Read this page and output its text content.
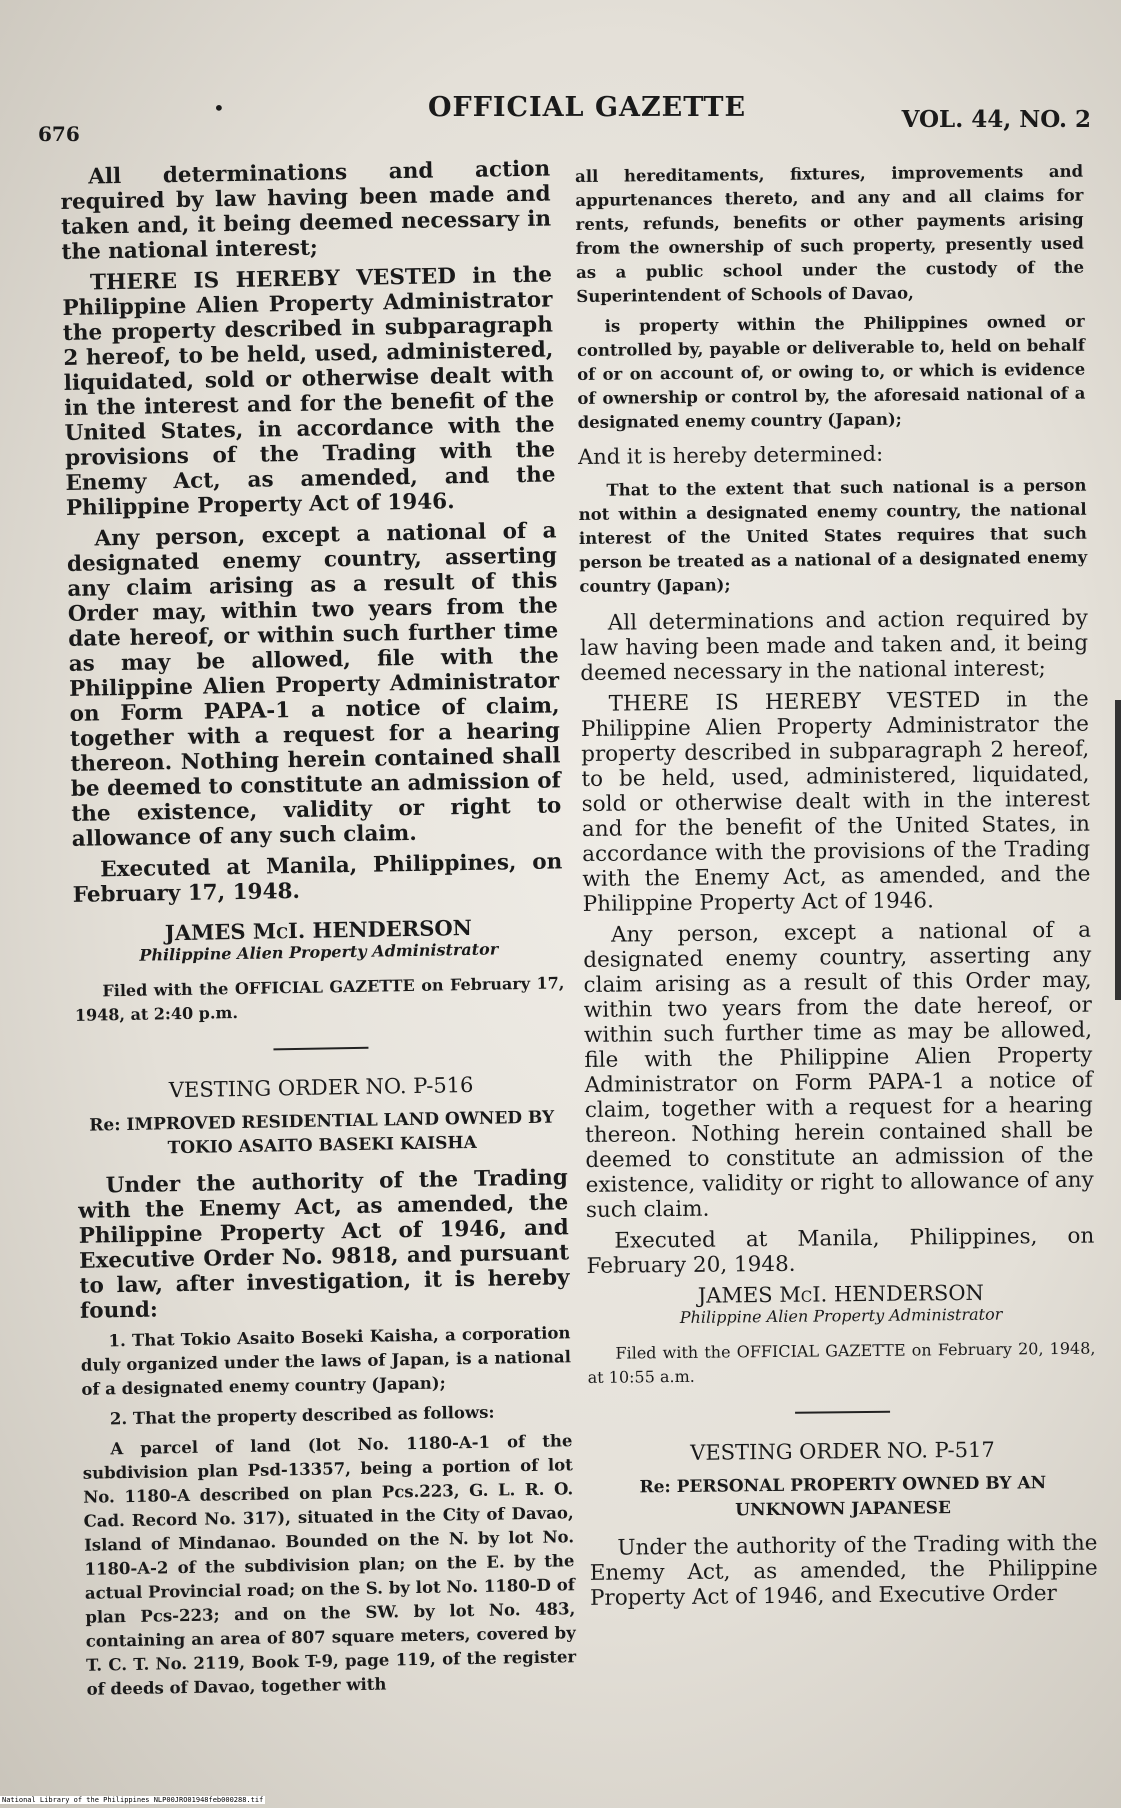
676
•	OFFICIAL GAZETTE	VOL. 44, NO. 2

All determinations and action required by law having been made and taken and, it being deemed necessary in the national interest;

THERE IS HEREBY VESTED in the Philippine Alien Property Administrator the property described in subparagraph 2 hereof, to be held, used, administered, liquidated, sold or otherwise dealt with in the interest and for the benefit of the United States, in accordance with the provisions of the Trading with the Enemy Act, as amended, and the Philippine Property Act of 1946.

Any person, except a national of a designated enemy country, asserting any claim arising as a result of this Order may, within two years from the date hereof, or within such further time as may be allowed, file with the Philippine Alien Property Administrator on Form PAPA-1 a notice of claim, together with a request for a hearing thereon. Nothing herein contained shall be deemed to constitute an admission of the existence, validity or right to allowance of any such claim.

Executed at Manila, Philippines, on February 17, 1948.

JAMES McI. HENDERSON
Philippine Alien Property Administrator

Filed with the OFFICIAL GAZETTE on February 17, 1948, at 2:40 p.m.

VESTING ORDER NO. P-516
Re: IMPROVED RESIDENTIAL LAND OWNED BY TOKIO ASAITO BASEKI KAISHA

Under the authority of the Trading with the Enemy Act, as amended, the Philippine Property Act of 1946, and Executive Order No. 9818, and pursuant to law, after investigation, it is hereby found:

1. That Tokio Asaito Boseki Kaisha, a corporation duly organized under the laws of Japan, is a national of a designated enemy country (Japan);

2. That the property described as follows:

A parcel of land (lot No. 1180-A-1 of the subdivision plan Psd-13357, being a portion of lot No. 1180-A described on plan Pcs.223, G. L. R. O. Cad. Record No. 317), situated in the City of Davao, Island of Mindanao. Bounded on the N. by lot No. 1180-A-2 of the subdivision plan; on the E. by the actual Provincial road; on the S. by lot No. 1180-D of plan Pcs-223; and on the SW. by lot No. 483, containing an area of 807 square meters, covered by T. C. T. No. 2119, Book T-9, page 119, of the register of deeds of Davao, together with

all hereditaments, fixtures, improvements and appurtenances thereto, and any and all claims for rents, refunds, benefits or other payments arising from the ownership of such property, presently used as a public school under the custody of the Superintendent of Schools of Davao,

is property within the Philippines owned or controlled by, payable or deliverable to, held on behalf of or on account of, or owing to, or which is evidence of ownership or control by, the aforesaid national of a designated enemy country (Japan);

And it is hereby determined:

That to the extent that such national is a person not within a designated enemy country, the national interest of the United States requires that such person be treated as a national of a designated enemy country (Japan);

All determinations and action required by law having been made and taken and, it being deemed necessary in the national interest;

THERE IS HEREBY VESTED in the Philippine Alien Property Administrator the property described in subparagraph 2 hereof, to be held, used, administered, liquidated, sold or otherwise dealt with in the interest and for the benefit of the United States, in accordance with the provisions of the Trading with the Enemy Act, as amended, and the Philippine Property Act of 1946.

Any person, except a national of a designated enemy country, asserting any claim arising as a result of this Order may, within two years from the date hereof, or within such further time as may be allowed, file with the Philippine Alien Property Administrator on Form PAPA-1 a notice of claim, together with a request for a hearing thereon. Nothing herein contained shall be deemed to constitute an admission of the existence, validity or right to allowance of any such claim.

Executed at Manila, Philippines, on February 20, 1948.

JAMES McI. HENDERSON
Philippine Alien Property Administrator

Filed with the OFFICIAL GAZETTE on February 20, 1948, at 10:55 a.m.

VESTING ORDER NO. P-517
Re: PERSONAL PROPERTY OWNED BY AN UNKNOWN JAPANESE

Under the authority of the Trading with the Enemy Act, as amended, the Philippine Property Act of 1946, and Executive Order

National Library of the Philippines NLP00JRO01948feb000288.tif
